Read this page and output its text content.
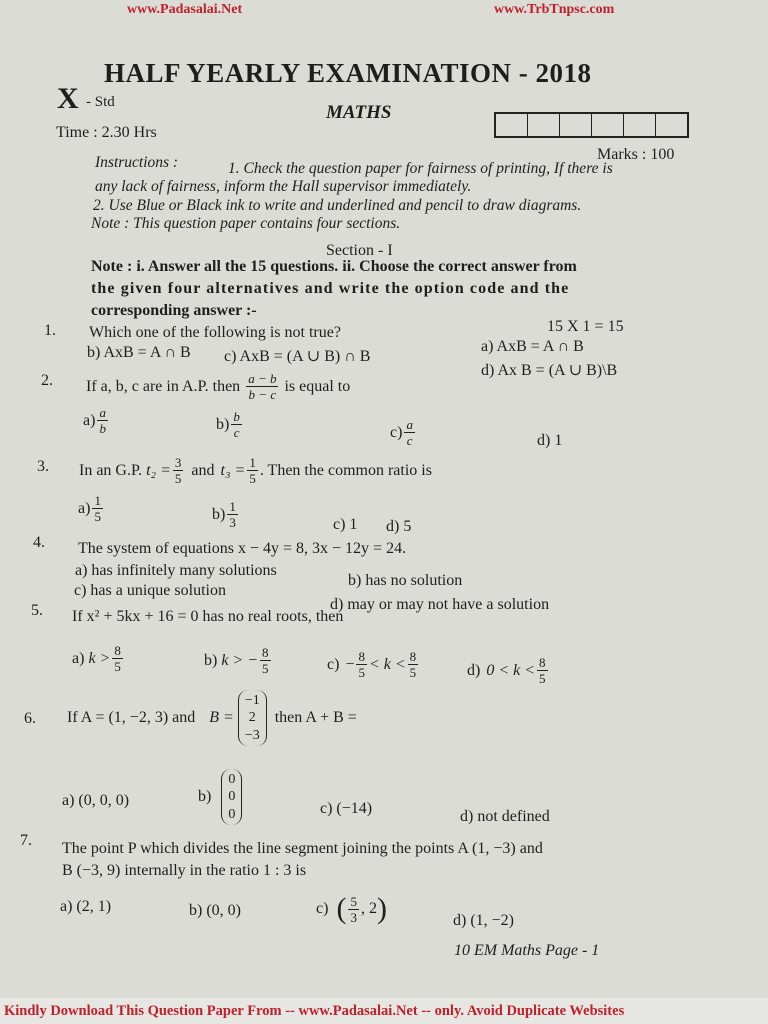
www.Padasalai.Net	www.TrbTnpsc.com
HALF YEARLY EXAMINATION - 2018
X - Std	MATHS
Time : 2.30 Hrs
Marks : 100
Instructions :	1. Check the question paper for fairness of printing, If there is
any lack of fairness, inform the Hall supervisor immediately.
2. Use Blue or Black ink to write and underlined and pencil to draw diagrams.
Note : This question paper contains four sections.
Section - I
Note : i. Answer all the 15 questions. ii. Choose the correct answer from
the given four alternatives and write the option code and the
corresponding answer :-
15 X 1 = 15
1. Which one of the following is not true?
b) AxB = A ∩ B c) AxB = (A ∪ B) ∩ B
a) AxB = A ∩ B
d) Ax B = (A ∪ B)\B
2. If a, b, c are in A.P. then $\frac{a - b}{b - c}$ is equal to
$a) \frac{a}{b}$	$b) \frac{b}{c}$	$c) \frac{a}{c}$	d) 1
3. In an G.P. $t_2 = \frac{3}{5}$ and $t_3 = \frac{1}{5}$ . Then the common ratio is
$a) \frac{1}{5}$	$b) \frac{1}{3}$	c) 1 d) 5
4. The system of equations x − 4y = 8, 3x − 12y = 24.
a) has infinitely many solutions
b) has no solution
c) has a unique solution
d) may or may not have a solution
5. If x² + 5kx + 16 = 0 has no real roots, then
a) $k > \frac{8}{5}$	b) k > − $\frac{8}{5}$	$c) - \frac{8}{5} < k < \frac{8}{5}$	d) $0 < k < \frac{8}{5}$
6. If A = (1, −2, 3) and B =
−1
2
−3
then A + B =
a) (0, 0, 0)	b)
0
0
0	c) (−14)	d) not defined
7. The point P which divides the line segment joining the points A (1, −3) and
B (−3, 9) internally in the ratio 1 : 3 is
a) (2, 1)	b) (0, 0)	c) ( $\frac{5}{3}$ , 2 )	d) (1, −2)
10 EM Maths Page - 1
Kindly Download This Question Paper From -- www.Padasalai.Net -- only. Avoid Duplicate Websites
